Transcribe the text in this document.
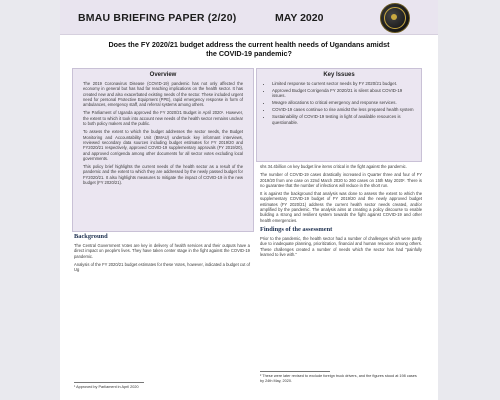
BMAU BRIEFING PAPER (2/20)	MAY 2020
Does the FY 2020/21 budget address the current health needs of Ugandans amidst the COVID-19 pandemic?
Overview

The 2019 Coronavirus Disease (COVID-19) pandemic has not only affected the economy in general but has had far reaching implications on the health sector. It has created new and also exacerbated existing needs of the sector. These included urgent need for personal Protective Equipment (PPE), rapid emergency response in form of ambulances, emergency staff, and referral systems among others.

The Parliament of Uganda approved the FY 2020/21 Budget in April 2020¹. However, the extent to which it took into account new needs of the health sector remains unclear to both policy makers and the public.

To assess the extent to which the budget addresses the sector needs, the Budget Monitoring and Accountability Unit (BMAU) undertook key informant interviews, reviewed secondary data sources including budget estimates for FY 2019/20 and FY2020/21 respectively, approved COVID-19 supplementary approvals (FY 2019/20), and approved corrigenda among other documents for all sector votes excluding local governments.

This policy brief highlights the current needs of the health sector as a result of the pandemic and the extent to which they are addressed by the newly passed budget for FY2020/21. It also highlights measures to mitigate the impact of COVID-19 in the new budget (FY 2020/21).

Key Issues
• Limited response to current sector needs by FY 2020/21 budget.
• Approved Budget Corrigenda FY 2020/21 is silent about COVID-19 issues.
• Meagre allocations to critical emergency and response services.
• COVID-19 cases continue to rise amidst the less prepared health system
• Sustainability of COVID-19 testing in light of available resources is questionable.
Background

The Central Government Votes are key in delivery of health services and their outputs have a direct impact on people's lives. They have taken center stage in the fight against the COVID-19 pandemic.

Analysis of the FY 2020/21 budget estimates for these Votes, however, indicated a budget cut of Ug

shs 34.4billion on key budget line items critical in the fight against the pandemic.

The number of COVID-19 cases drastically increased in Quarter three and four of FY 2019/20 from one case on 22nd March 2020 to 260 cases on 15th May 2020². There is no guarantee that the number of infections will reduce in the short run.

It is against the background that analysis was done to assess the extent to which the supplementary COVID-19 budget of FY 2019/20 and the newly approved budget estimates (FY 2020/21) address the current health sector needs created, and/or amplified by the pandemic. The analysis aims at creating a policy discourse to enable building a strong and resilient system towards the fight against COVID-19 and other health emergencies.

Findings of the assessment

Prior to the pandemic, the health sector had a number of challenges which were partly due to inadequate planning, prioritization, financial and human resource among others. These challenges created a number of needs which the sector has had "painfully learned to live with."

¹ Approved by Parliament in April 2020
² These were later revised to exclude foreign truck drivers, and the figures stood at 198 cases by 24th May, 2020.
